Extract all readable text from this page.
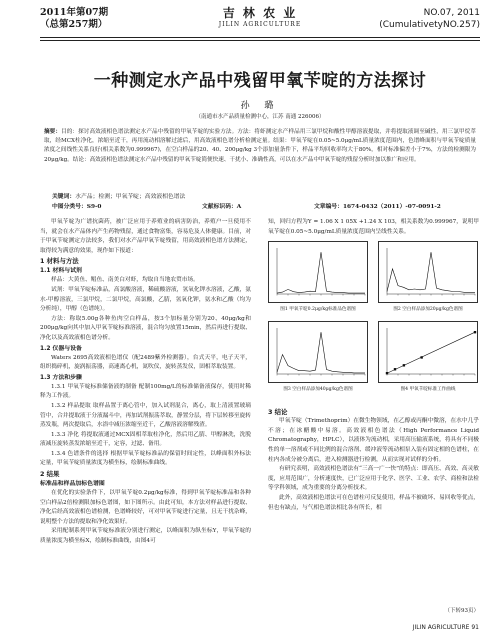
2011年第07期
（总第257期）
吉 林 农 业
JILIN AGRICULTURE
NO.07, 2011
(CumulativetyNO.257)
一种测定水产品中残留甲氧苄啶的方法探讨
孙 璐
（南通市水产品质量检测中心，江苏 南通 226006）
摘要：目的：探讨高效液相色谱法测定水产品中残留的甲氧苄啶的实验方法。方法：将虾测定水产样品用三氯甲烷和酸性甲醇溶液提取，并将提取液调至碱性，用三氯甲烷萃取，经MCX柱净化，浓缩至近干，再用流动相溶解过滤后，用高效液相色谱分析检测定量。结果：甲氧苄啶在0.05~5.0μg/mL质量浓度范围内，色谱峰面积与甲氧苄啶质量浓度之间线性关系良好(相关系数为0.999967)，在空白样品的20、40、200μg/kg 3个添加量条件下，样品平均回收率均大于80%，相对标准偏差小于7%，方法的检测限为20μg/kg。结论：高效液相色谱法测定水产品中残留的甲氧苄啶简便快速、干扰小、准确性高，可以在水产品中甲氧苄啶的残留分析时加以推广和应用。
关键词：水产品；检测；甲氧苄啶；高效液相色谱法
中图分类号：S9-0	文献标识码：A	文章编号：1674-0432（2011）-07-0091-2

甲氧苄啶为广谱抗菌药，被广泛应用于养殖业的病害防治，养殖户一旦使用不当，就会在水产品体内产生药物残留，通过食物富集，容易危及人体健康。目前，对于甲氧苄啶测定方法较多，我们对水产品甲氧苄啶残留，用高效液相色谱方法测定，取得较为满意的效果，现作如下报道：

1 材料与方法
1.1 材料与试剂

样品：大黄鱼、鲳鱼、南美白对虾，均取自当地农贸市场。

试剂：甲氧苄啶标准品，高氯酸溶液，稀硫酸溶液，氢氧化钾水溶液，乙酸，氨水-甲醇溶液，三氯甲烷，二氯甲烷，高氯酸，乙腈，氢氧化钾，氨水和乙酸（均为分析纯），甲醇（色谱纯）。

方法：称取5.00g各种鱼肉空白样品，按3个加标量分别为20、40μg/kg和200μg/kg向其中加入甲氧苄啶标准溶液，混合均匀放置15min，然后再进行提取、净化以及高效液相色谱分析。

1.2 仪器与设备

Waters 2695高效液相色谱仪（配2489紫外检测器），台式天平，电子天平，组织捣碎机，旋涡振荡器，高速离心机，氮吹仪，旋转蒸发仪，固相萃取装置。

1.3 方法和步骤

1.3.1 甲氧苄啶标准储备液的制备 配制100mg/L的标准储备液保存，使用时稀释为工作液。

1.3.2 样品提取 取样品置于离心管中，加入试剂混合，离心，取上清液置玻璃管中，合并提取液于分液漏斗中，再加试剂振荡萃取，静置分层，将下层转移至旋转蒸发瓶，两次提取后，水浴中减压浓缩至近干，乙酸溶液溶解残渣。

1.3.3 净化 将提取液通过MCX固相萃取柱净化，然后用乙腈、甲醇淋洗，洗脱液减压旋转蒸发浓缩至近干，定容，过滤、备用。

1.3.4 色谱条件的选择 根据甲氧苄啶标准品的保留时间定性，以峰面积外标法定量，甲氧苄啶质量浓度为横坐标，绘制标准曲线。

2 结果
标准品和样品加标色谱图

在优化的实验条件下，以甲氧苄啶0.2μg/kg标准，得到甲氧苄啶标准品和各种空白样品2倍检测限加标色谱图，如下图所示。由此可知，本方法对样品进行提取、净化后经高效液相色谱检测，色谱峰较好，可对甲氧苄啶进行定量，且无干扰杂峰，说明整个方法的提取和净化效果好。

采用配制系列甲氧苄啶标准液分别进行测定，以峰面积为纵坐标Y，甲氧苄啶的质量浓度为横坐标X，绘制标准曲线，由图4可

知，回归方程为Y = 1.06 X 1 05X +1.24 X 103，相关系数为0.999967，说明甲氧苄啶在0.05~5.0μg/mL质量浓度范围内呈线性关系。

图1 甲氧苄啶0.2μg/kg标准品色谱图	图2 空白样品添加20μg/kg色谱图
图3 空白样品添加40μg/kg色谱图	图4 甲氧苄啶标准工作曲线
3 结论

甲氧苄啶（Trimethoprim）在微生物领域，在乙醇或丙酮中微溶，在水中几乎不溶；在冰醋酸中易溶。高效液相色谱法（High Performance Liquid Chromatography，HPLC），以液体为流动相，采用高压输液系统，将具有不同极性的单一溶剂或不同比例的混合溶剂、缓冲液等流动相泵入装有固定相的色谱柱，在柱内各成分被分离后，进入检测器进行检测，从而实现对试样的分析。

有研究表明，高效液相色谱法有“三高一广一快”的特点：即高压、高效、高灵敏度，应用范围广，分析速度快，已广泛应用于化学、医学、工业、农学、商检和法检等学科领域，成为重要的分离分析技术。

此外，高效液相色谱法可在色谱柱可反复使用，样品不被破坏、易回收等优点，但也有缺点，与气相色谱法相比各有所长，相

（下转93页）
JILIN AGRICULTURE 91
